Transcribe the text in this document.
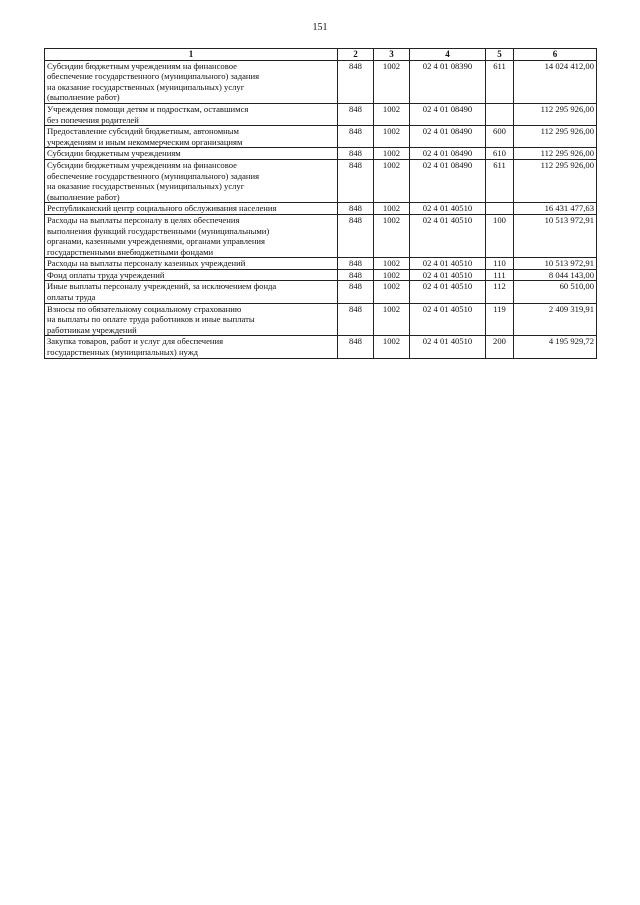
151
1	2	3	4	5	6
Субсидии бюджетным учреждениям на финансовое
обеспечение государственного (муниципального) задания
на оказание государственных (муниципальных) услуг
(выполнение работ)	848	1002	02 4 01 08390	611	14 024 412,00
Учреждения помощи детям и подросткам, оставшимся
без попечения родителей	848	1002	02 4 01 08490		112 295 926,00
Предоставление субсидий бюджетным, автономным
учреждениям и иным некоммерческим организациям	848	1002	02 4 01 08490	600	112 295 926,00
Субсидии бюджетным учреждениям	848	1002	02 4 01 08490	610	112 295 926,00
Субсидии бюджетным учреждениям на финансовое
обеспечение государственного (муниципального) задания
на оказание государственных (муниципальных) услуг
(выполнение работ)	848	1002	02 4 01 08490	611	112 295 926,00
Республиканский центр социального обслуживания населения	848	1002	02 4 01 40510		16 431 477,63
Расходы на выплаты персоналу в целях обеспечения
выполнения функций государственными (муниципальными)
органами, казенными учреждениями, органами управления
государственными внебюджетными фондами	848	1002	02 4 01 40510	100	10 513 972,91
Расходы на выплаты персоналу казенных учреждений	848	1002	02 4 01 40510	110	10 513 972,91
Фонд оплаты труда учреждений	848	1002	02 4 01 40510	111	8 044 143,00
Иные выплаты персоналу учреждений, за исключением фонда
оплаты труда	848	1002	02 4 01 40510	112	60 510,00
Взносы по обязательному социальному страхованию
на выплаты по оплате труда работников и иные выплаты
работникам учреждений	848	1002	02 4 01 40510	119	2 409 319,91
Закупка товаров, работ и услуг для обеспечения
государственных (муниципальных) нужд	848	1002	02 4 01 40510	200	4 195 929,72
